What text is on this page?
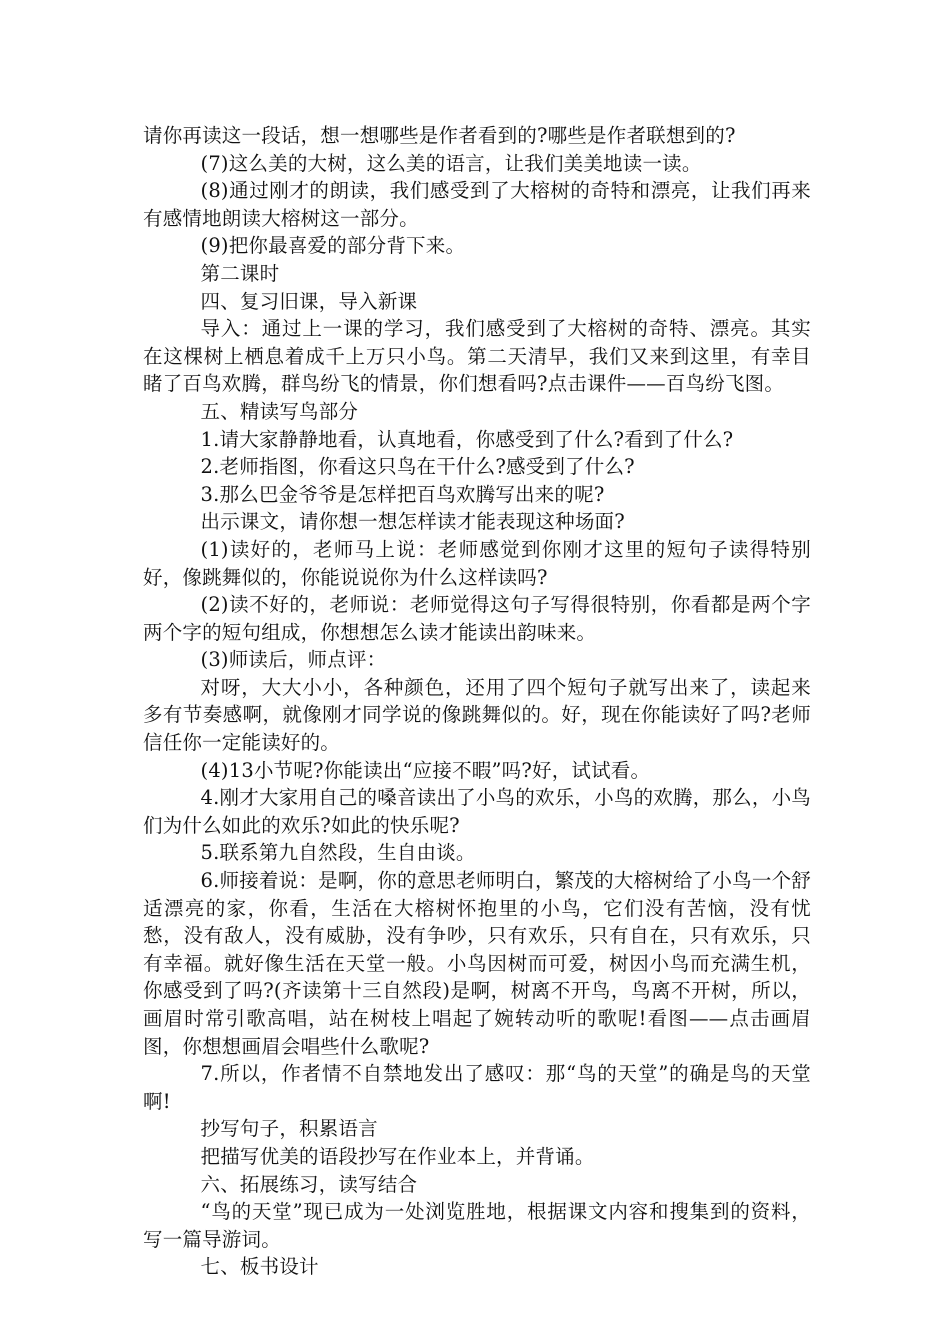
请你再读这一段话，想一想哪些是作者看到的?哪些是作者联想到的?

(7)这么美的大树，这么美的语言，让我们美美地读一读。

(8)通过刚才的朗读，我们感受到了大榕树的奇特和漂亮，让我们再来有感情地朗读大榕树这一部分。

(9)把你最喜爱的部分背下来。

第二课时

四、复习旧课，导入新课

导入：通过上一课的学习，我们感受到了大榕树的奇特、漂亮。其实在这棵树上栖息着成千上万只小鸟。第二天清早，我们又来到这里，有幸目睹了百鸟欢腾，群鸟纷飞的情景，你们想看吗?点击课件——百鸟纷飞图。

五、精读写鸟部分

1.请大家静静地看，认真地看，你感受到了什么?看到了什么?

2.老师指图，你看这只鸟在干什么?感受到了什么?

3.那么巴金爷爷是怎样把百鸟欢腾写出来的呢?

出示课文，请你想一想怎样读才能表现这种场面?

(1)读好的，老师马上说：老师感觉到你刚才这里的短句子读得特别好，像跳舞似的，你能说说你为什么这样读吗?

(2)读不好的，老师说：老师觉得这句子写得很特别，你看都是两个字两个字的短句组成，你想想怎么读才能读出韵味来。

(3)师读后，师点评：

对呀，大大小小，各种颜色，还用了四个短句子就写出来了，读起来多有节奏感啊，就像刚才同学说的像跳舞似的。好，现在你能读好了吗?老师信任你一定能读好的。

(4)13小节呢?你能读出“应接不暇”吗?好，试试看。

4.刚才大家用自己的嗓音读出了小鸟的欢乐，小鸟的欢腾，那么，小鸟们为什么如此的欢乐?如此的快乐呢?

5.联系第九自然段，生自由谈。

6.师接着说：是啊，你的意思老师明白，繁茂的大榕树给了小鸟一个舒适漂亮的家，你看，生活在大榕树怀抱里的小鸟，它们没有苦恼，没有忧愁，没有敌人，没有威胁，没有争吵，只有欢乐，只有自在，只有欢乐，只有幸福。就好像生活在天堂一般。小鸟因树而可爱，树因小鸟而充满生机，你感受到了吗?(齐读第十三自然段)是啊，树离不开鸟，鸟离不开树，所以，画眉时常引歌高唱，站在树枝上唱起了婉转动听的歌呢!看图——点击画眉图，你想想画眉会唱些什么歌呢?

7.所以，作者情不自禁地发出了感叹：那“鸟的天堂”的确是鸟的天堂啊!

抄写句子，积累语言

把描写优美的语段抄写在作业本上，并背诵。

六、拓展练习，读写结合

“鸟的天堂”现已成为一处浏览胜地，根据课文内容和搜集到的资料，写一篇导游词。

七、板书设计
